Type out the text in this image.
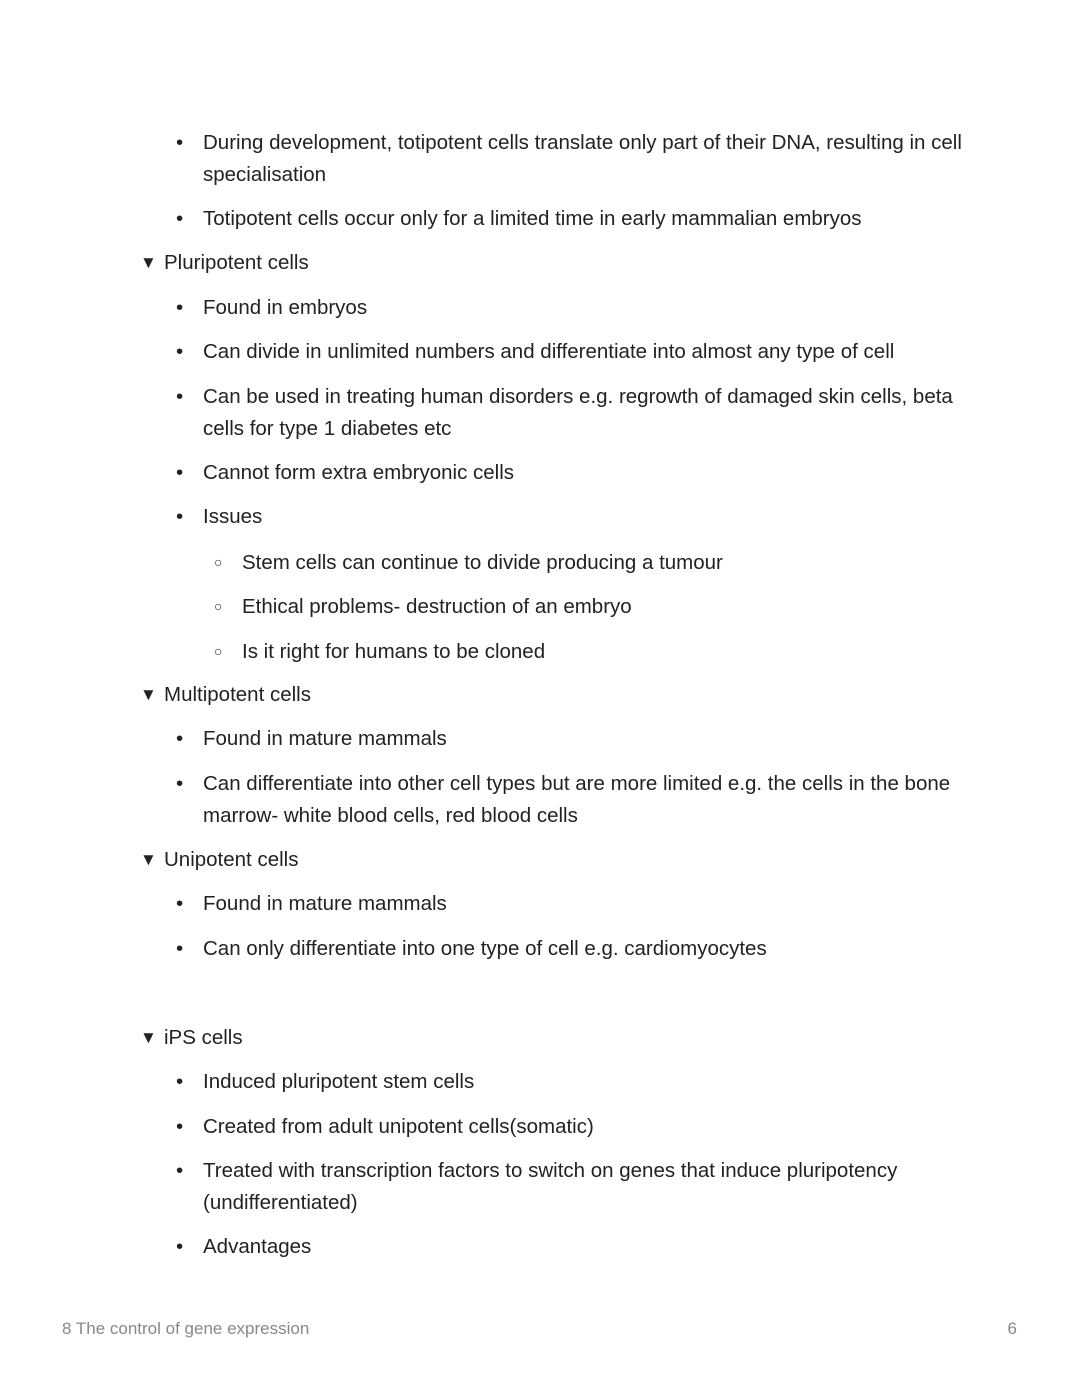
• During development, totipotent cells translate only part of their DNA, resulting in cell specialisation
• Totipotent cells occur only for a limited time in early mammalian embryos
▼ Pluripotent cells
• Found in embryos
• Can divide in unlimited numbers and differentiate into almost any type of cell
• Can be used in treating human disorders e.g. regrowth of damaged skin cells, beta cells for type 1 diabetes etc
• Cannot form extra embryonic cells
• Issues
○ Stem cells can continue to divide producing a tumour
○ Ethical problems- destruction of an embryo
○ Is it right for humans to be cloned
▼ Multipotent cells
• Found in mature mammals
• Can differentiate into other cell types but are more limited e.g. the cells in the bone marrow- white blood cells, red blood cells
▼ Unipotent cells
• Found in mature mammals
• Can only differentiate into one type of cell e.g. cardiomyocytes
▼ iPS cells
• Induced pluripotent stem cells
• Created from adult unipotent cells(somatic)
• Treated with transcription factors to switch on genes that induce pluripotency (undifferentiated)
• Advantages
8 The control of gene expression	6
